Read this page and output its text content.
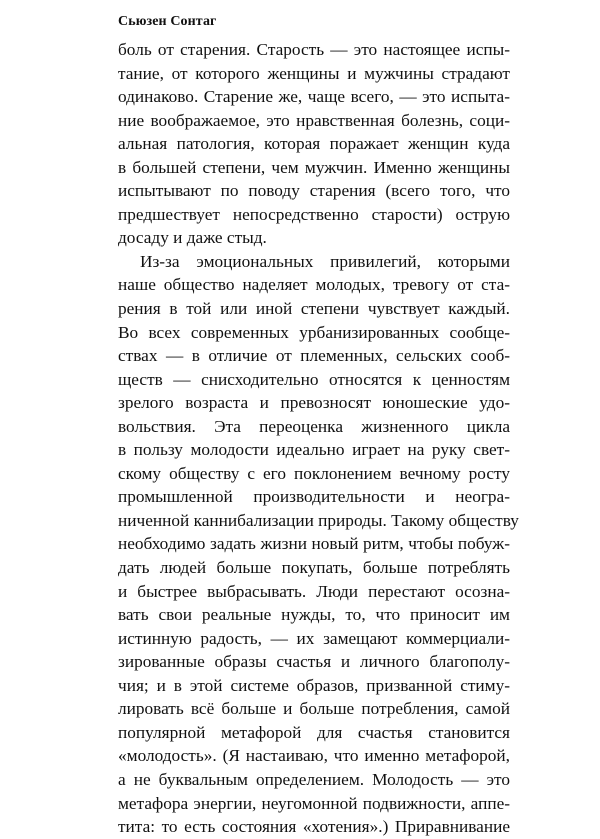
Сьюзен Сонтаг
боль от старения. Старость — это настоящее испы-
тание, от которого женщины и мужчины страдают
одинаково. Старение же, чаще всего, — это испыта-
ние воображаемое, это нравственная болезнь, соци-
альная патология, которая поражает женщин куда
в большей степени, чем мужчин. Именно женщины
испытывают по поводу старения (всего того, что
предшествует непосредственно старости) острую
досаду и даже стыд.
Из-за эмоциональных привилегий, которыми
наше общество наделяет молодых, тревогу от ста-
рения в той или иной степени чувствует каждый.
Во всех современных урбанизированных сообще-
ствах — в отличие от племенных, сельских сооб-
ществ — снисходительно относятся к ценностям
зрелого возраста и превозносят юношеские удо-
вольствия. Эта переоценка жизненного цикла
в пользу молодости идеально играет на руку свет-
скому обществу с его поклонением вечному росту
промышленной производительности и неогра-
ниченной каннибализации природы. Такому обществу
необходимо задать жизни новый ритм, чтобы побуж-
дать людей больше покупать, больше потреблять
и быстрее выбрасывать. Люди перестают осозна-
вать свои реальные нужды, то, что приносит им
истинную радость, — их замещают коммерциали-
зированные образы счастья и личного благополу-
чия; и в этой системе образов, призванной стиму-
лировать всё больше и больше потребления, самой
популярной метафорой для счастья становится
«молодость». (Я настаиваю, что именно метафорой,
а не буквальным определением. Молодость — это
метафора энергии, неугомонной подвижности, аппе-
тита: то есть состояния «хотения».) Приравнивание
